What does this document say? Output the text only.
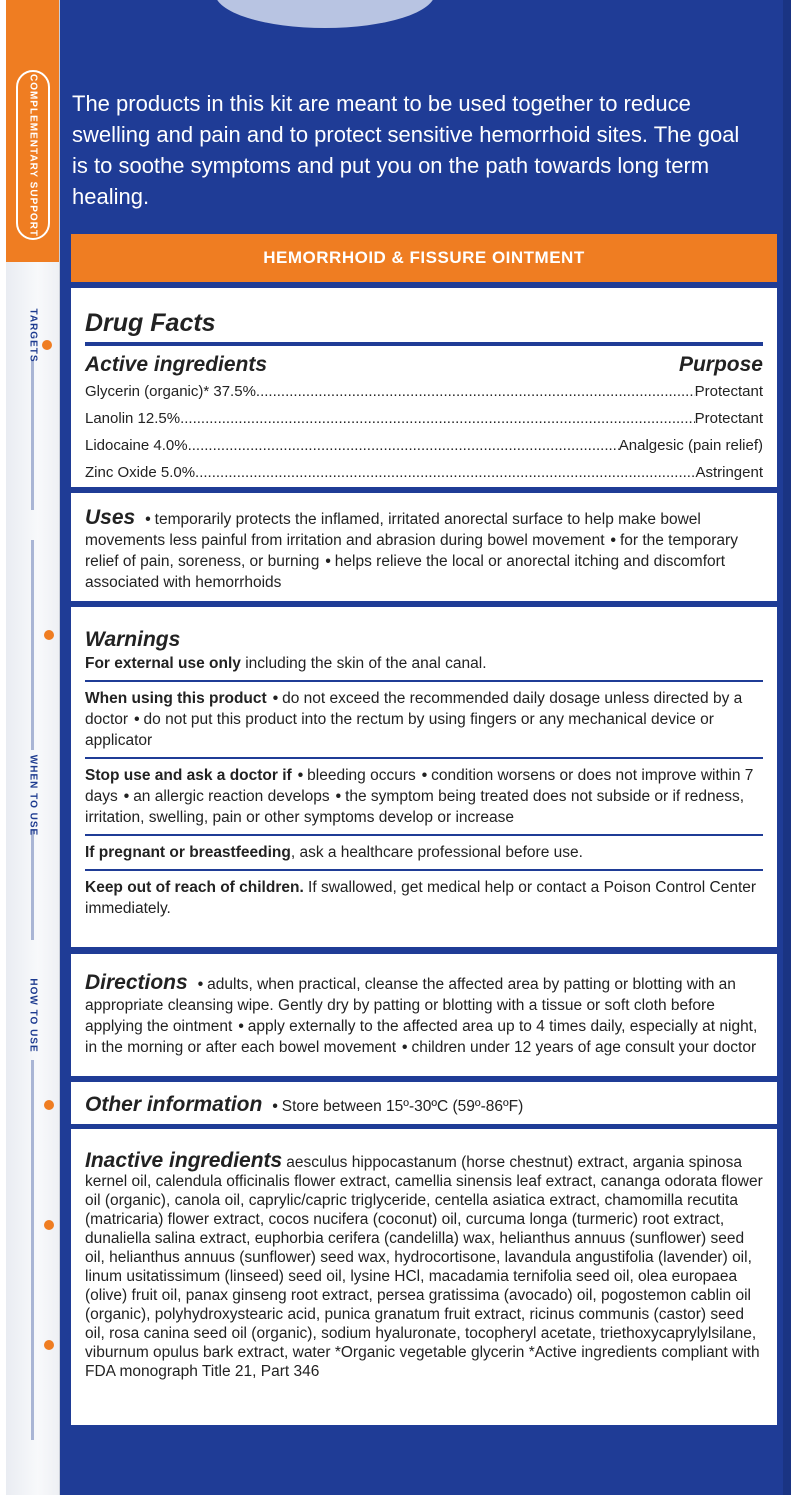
COMPLEMENTARY SUPPORT
TARGETS
WHEN TO USE
HOW TO USE

The products in this kit are meant to be used together to reduce swelling and pain and to protect sensitive hemorrhoid sites. The goal is to soothe symptoms and put you on the path towards long term healing.

HEMORRHOID & FISSURE OINTMENT
Drug Facts
Active ingredients	Purpose
Glycerin (organic)* 37.5% .....	Protectant
Lanolin 12.5% .....	Protectant
Lidocaine 4.0% .....	Analgesic (pain relief)
Zinc Oxide 5.0% .....	Astringent
Uses • temporarily protects the inflamed, irritated anorectal surface to help make bowel movements less painful from irritation and abrasion during bowel movement • for the temporary relief of pain, soreness, or burning • helps relieve the local or anorectal itching and discomfort associated with hemorrhoids
Warnings
For external use only including the skin of the anal canal.
When using this product • do not exceed the recommended daily dosage unless directed by a doctor • do not put this product into the rectum by using fingers or any mechanical device or applicator
Stop use and ask a doctor if • bleeding occurs • condition worsens or does not improve within 7 days • an allergic reaction develops • the symptom being treated does not subside or if redness, irritation, swelling, pain or other symptoms develop or increase
If pregnant or breastfeeding, ask a healthcare professional before use.
Keep out of reach of children. If swallowed, get medical help or contact a Poison Control Center immediately.
Directions • adults, when practical, cleanse the affected area by patting or blotting with an appropriate cleansing wipe. Gently dry by patting or blotting with a tissue or soft cloth before applying the ointment • apply externally to the affected area up to 4 times daily, especially at night, in the morning or after each bowel movement • children under 12 years of age consult your doctor
Other information • Store between 15º-30ºC (59º-86ºF)
Inactive ingredients aesculus hippocastanum (horse chestnut) extract, argania spinosa kernel oil, calendula officinalis flower extract, camellia sinensis leaf extract, cananga odorata flower oil (organic), canola oil, caprylic/capric triglyceride, centella asiatica extract, chamomilla recutita (matricaria) flower extract, cocos nucifera (coconut) oil, curcuma longa (turmeric) root extract, dunaliella salina extract, euphorbia cerifera (candelilla) wax, helianthus annuus (sunflower) seed oil, helianthus annuus (sunflower) seed wax, hydrocortisone, lavandula angustifolia (lavender) oil, linum usitatissimum (linseed) seed oil, lysine HCl, macadamia ternifolia seed oil, olea europaea (olive) fruit oil, panax ginseng root extract, persea gratissima (avocado) oil, pogostemon cablin oil (organic), polyhydroxystearic acid, punica granatum fruit extract, ricinus communis (castor) seed oil, rosa canina seed oil (organic), sodium hyaluronate, tocopheryl acetate, triethoxycaprylylsilane, viburnum opulus bark extract, water *Organic vegetable glycerin *Active ingredients compliant with FDA monograph Title 21, Part 346
